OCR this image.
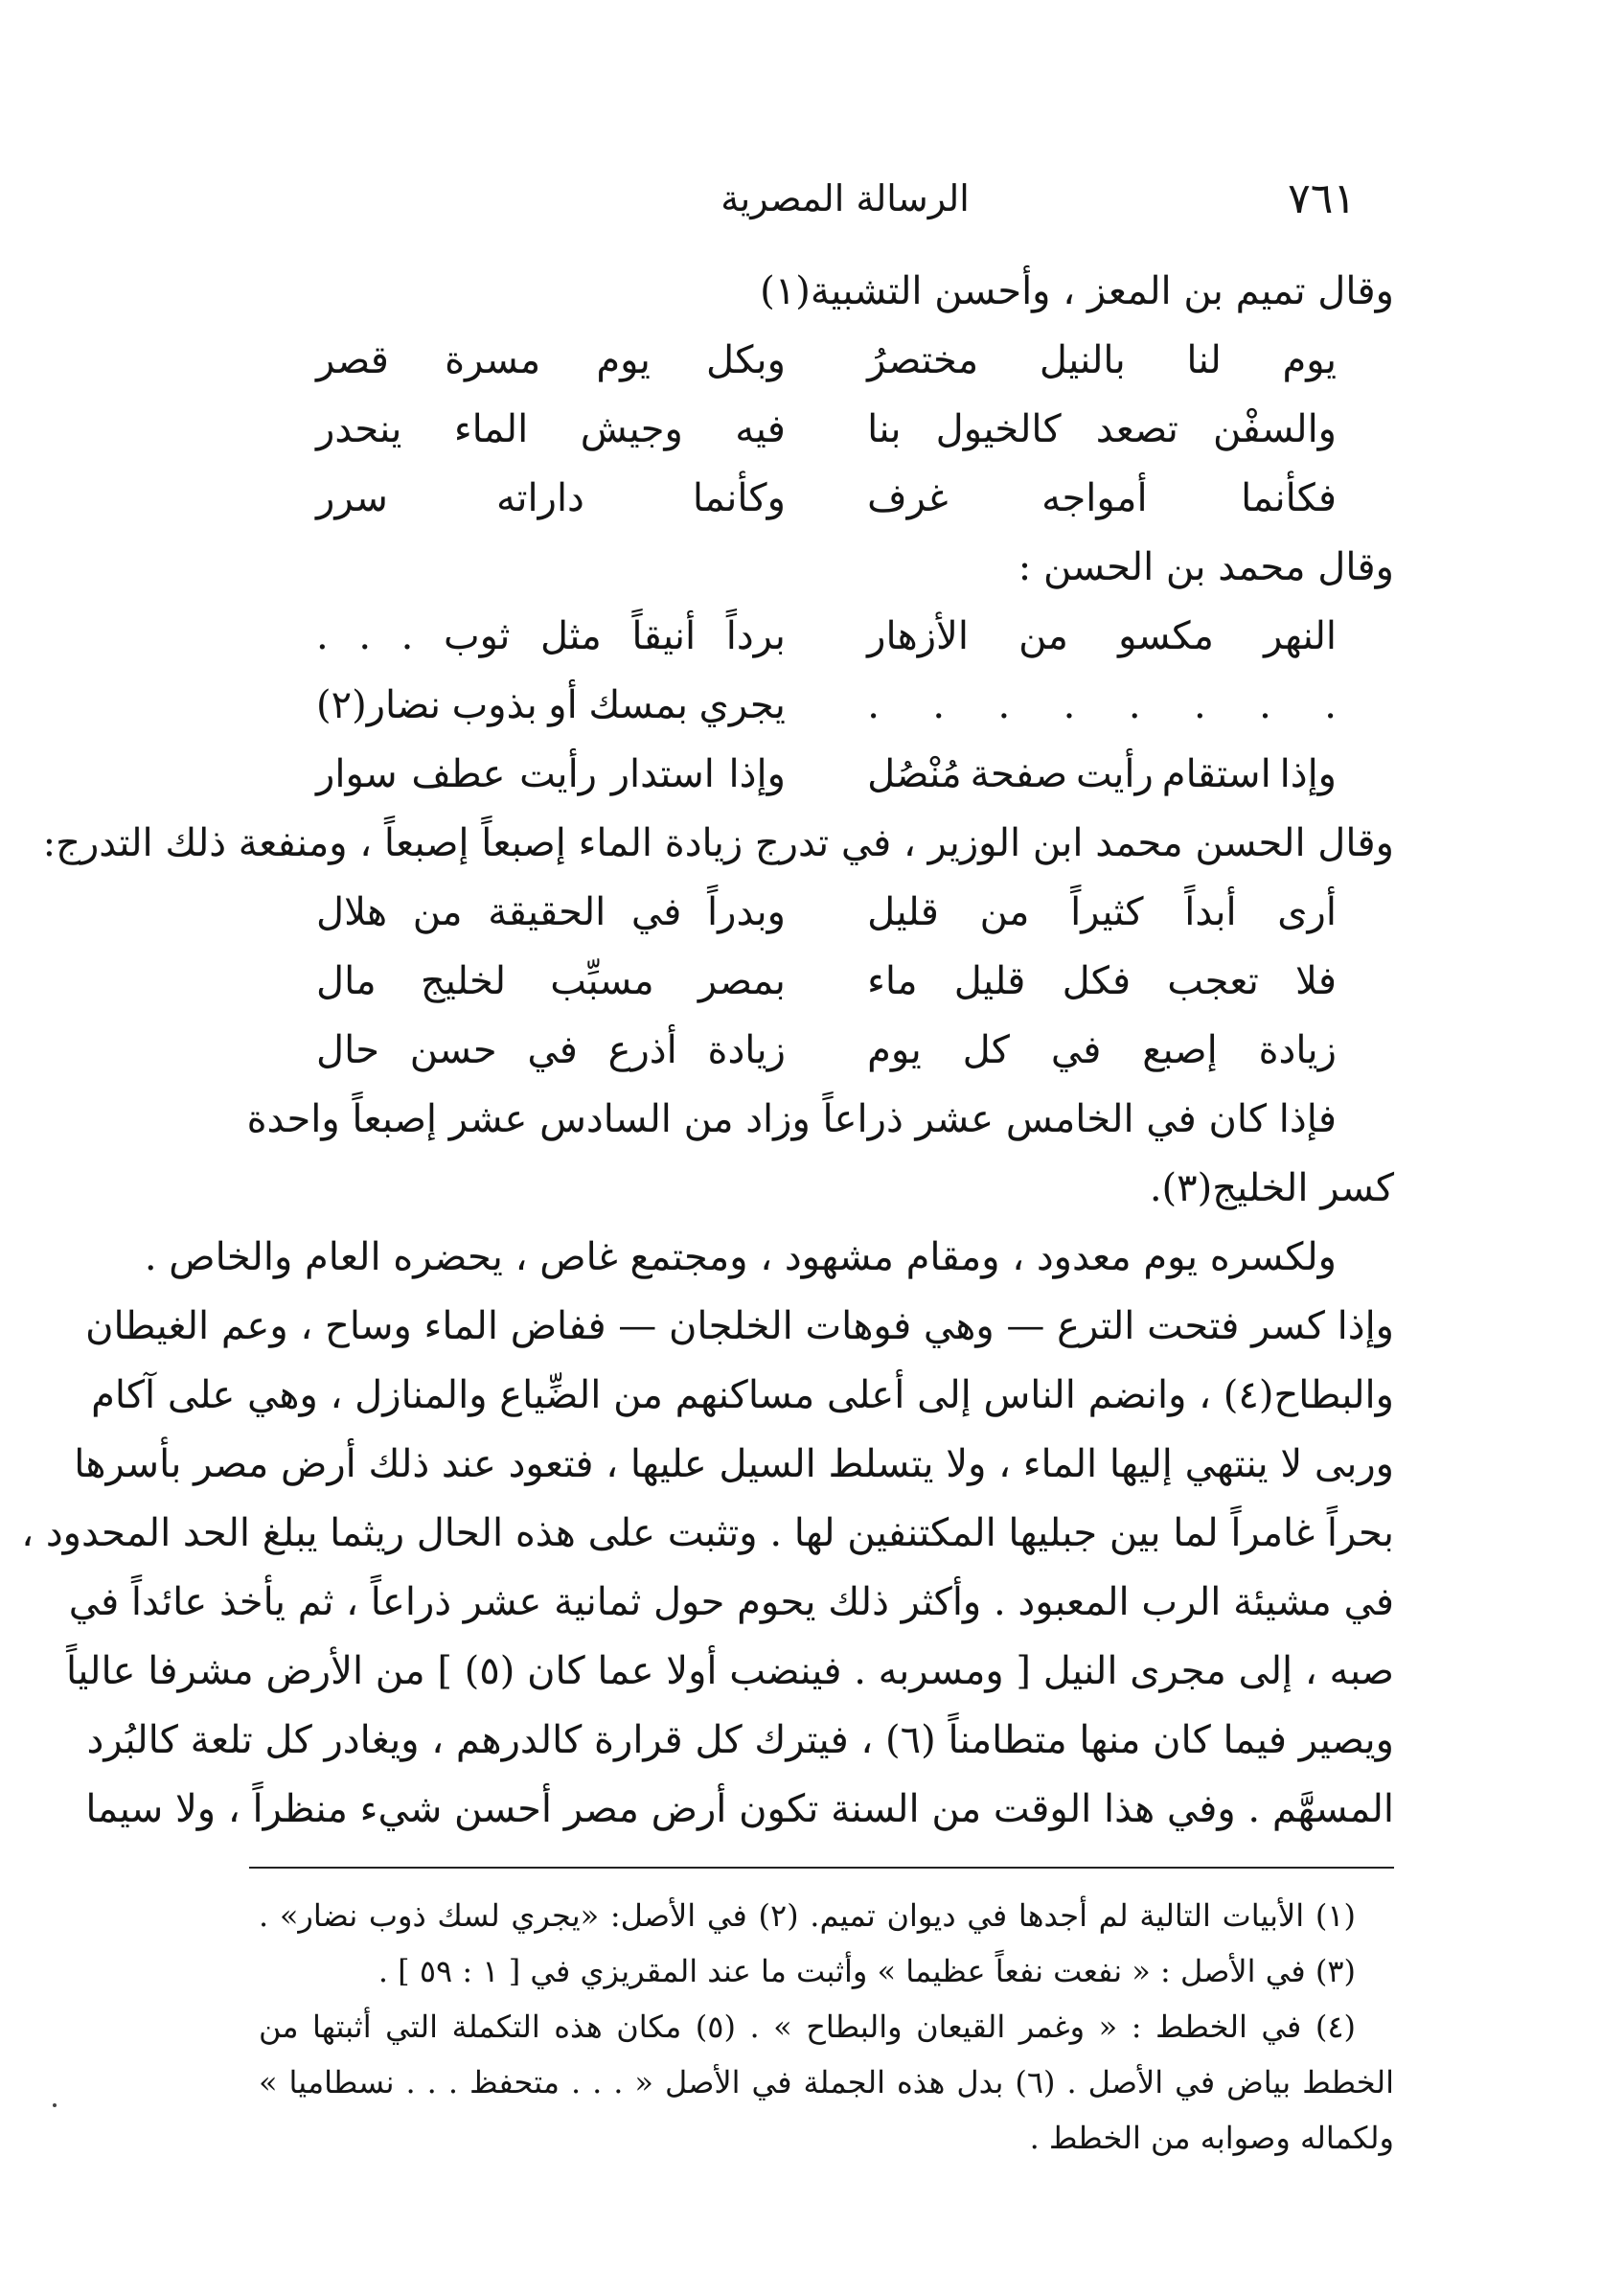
٧٦١
الرسالة المصرية
وقال تميم بن المعز ، وأحسن التشبية(١)
يوم
لنا
بالنيل
مختصرُ
وبكل
يوم
مسرة
قصر
والسفْن
تصعد
كالخيول
بنا
فيه
وجيش
الماء
ينحدر
فكأنما
أمواجه
غرف
وكأنما
داراته
سرر
وقال محمد بن الحسن :
النهر
مكسو
من
الأزهار
برداً
أنيقاً
مثل
ثوب
.
.
.
.
.
.
.
.
.
.
.
يجري
بمسك
أو
بذوب
نضار(٢)
وإذا
استقام
رأيت
صفحة
مُنْصُل
وإذا
استدار
رأيت
عطف
سوار
وقال الحسن محمد ابن الوزير ، في تدرج زيادة الماء إصبعاً إصبعاً ، ومنفعة ذلك التدرج:
أرى
أبداً
كثيراً
من
قليل
وبدراً
في
الحقيقة
من
هلال
فلا
تعجب
فكل
قليل
ماء
بمصر
مسبِّب
لخليج
مال
زيادة
إصبع
في
كل
يوم
زيادة
أذرع
في
حسن
حال
فإذا كان في الخامس عشر ذراعاً وزاد من السادس عشر إصبعاً واحدة
كسر الخليج(٣).
ولكسره يوم معدود ، ومقام مشهود ، ومجتمع غاص ، يحضره العام والخاص .
وإذا كسر فتحت الترع — وهي فوهات الخلجان — ففاض الماء وساح ، وعم الغيطان
والبطاح(٤) ، وانضم الناس إلى أعلى مساكنهم من الضِّياع والمنازل ، وهي على آكام
وربى لا ينتهي إليها الماء ، ولا يتسلط السيل عليها ، فتعود عند ذلك أرض مصر بأسرها
بحراً غامراً لما بين جبليها المكتنفين لها . وتثبت على هذه الحال ريثما يبلغ الحد المحدود ،
في مشيئة الرب المعبود . وأكثر ذلك يحوم حول ثمانية عشر ذراعاً ، ثم يأخذ عائداً في
صبه ، إلى مجرى النيل [ ومسربه . فينضب أولا عما كان (٥) ] من الأرض مشرفا عالياً
ويصير فيما كان منها متطامناً (٦) ، فيترك كل قرارة كالدرهم ، ويغادر كل تلعة كالبُرد
المسهَّم . وفي هذا الوقت من السنة تكون أرض مصر أحسن شيء منظراً ، ولا سيما
(١) الأبيات التالية لم أجدها في ديوان تميم. (٢) في الأصل: «يجري لسك ذوب نضار» .
(٣) في الأصل : « نفعت نفعاً عظيما » وأثبت ما عند المقريزي في [ ١ : ٥٩ ] .
(٤) في الخطط : « وغمر القيعان والبطاح » . (٥) مكان هذه التكملة التي أثبتها من
الخطط بياض في الأصل . (٦) بدل هذه الجملة في الأصل « . . . متحفظ . . . نسطاميا »
ولكماله وصوابه من الخطط .
